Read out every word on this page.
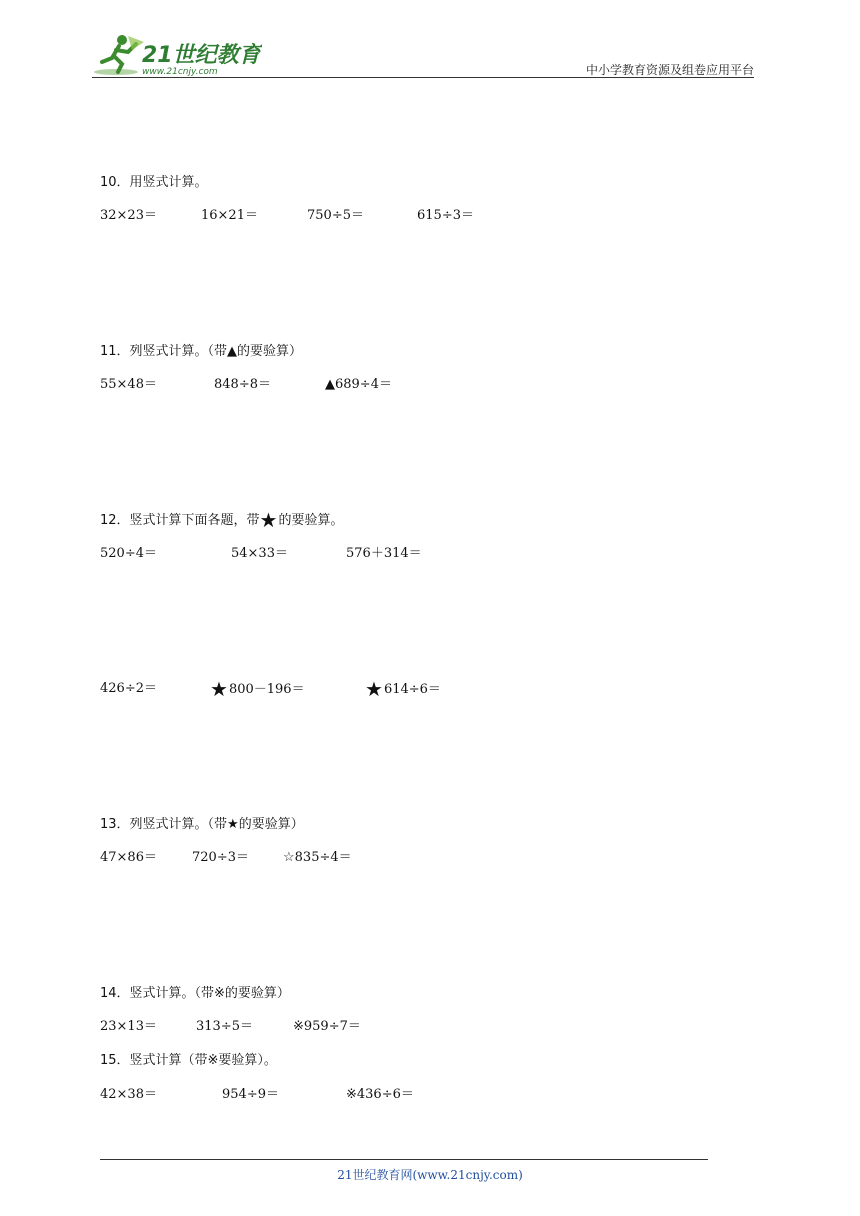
21世纪教育
www.21cnjy.com	中小学教育资源及组卷应用平台
10．用竖式计算。
32×23＝	16×21＝	750÷5＝	615÷3＝
11．列竖式计算。（带▲的要验算）
55×48＝	848÷8＝	▲689÷4＝
12．竖式计算下面各题，带★的要验算。
520÷4＝	54×33＝	576＋314＝
426÷2＝	★800－196＝	★614÷6＝
13．列竖式计算。（带★的要验算）
47×86＝	720÷3＝	☆835÷4＝
14．竖式计算。（带※的要验算）
23×13＝	313÷5＝	※959÷7＝
15．竖式计算（带※要验算）。
42×38＝	954÷9＝	※436÷6＝
21世纪教育网(www.21cnjy.com)
